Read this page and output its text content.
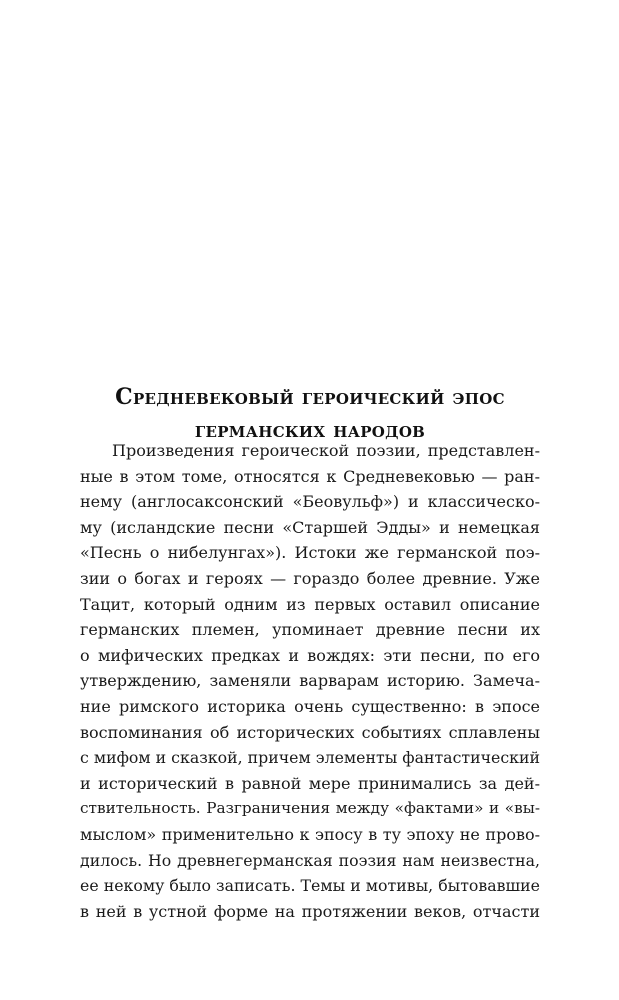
Средневековый героический эпос
германских народов
Произведения героической поэзии, представлен-
ные в этом томе, относятся к Средневековью — ран-
нему (англосаксонский «Беовульф») и классическо-
му (исландские песни «Старшей Эдды» и немецкая
«Песнь о нибелунгах»). Истоки же германской поэ-
зии о богах и героях — гораздо более древние. Уже
Тацит, который одним из первых оставил описание
германских племен, упоминает древние песни их
о мифических предках и вождях: эти песни, по его
утверждению, заменяли варварам историю. Замеча-
ние римского историка очень существенно: в эпосе
воспоминания об исторических событиях сплавлены
с мифом и сказкой, причем элементы фантастический
и исторический в равной мере принимались за дей-
ствительность. Разграничения между «фактами» и «вы-
мыслом» применительно к эпосу в ту эпоху не прово-
дилось. Но древнегерманская поэзия нам неизвестна,
ее некому было записать. Темы и мотивы, бытовавшие
в ней в устной форме на протяжении веков, отчасти
